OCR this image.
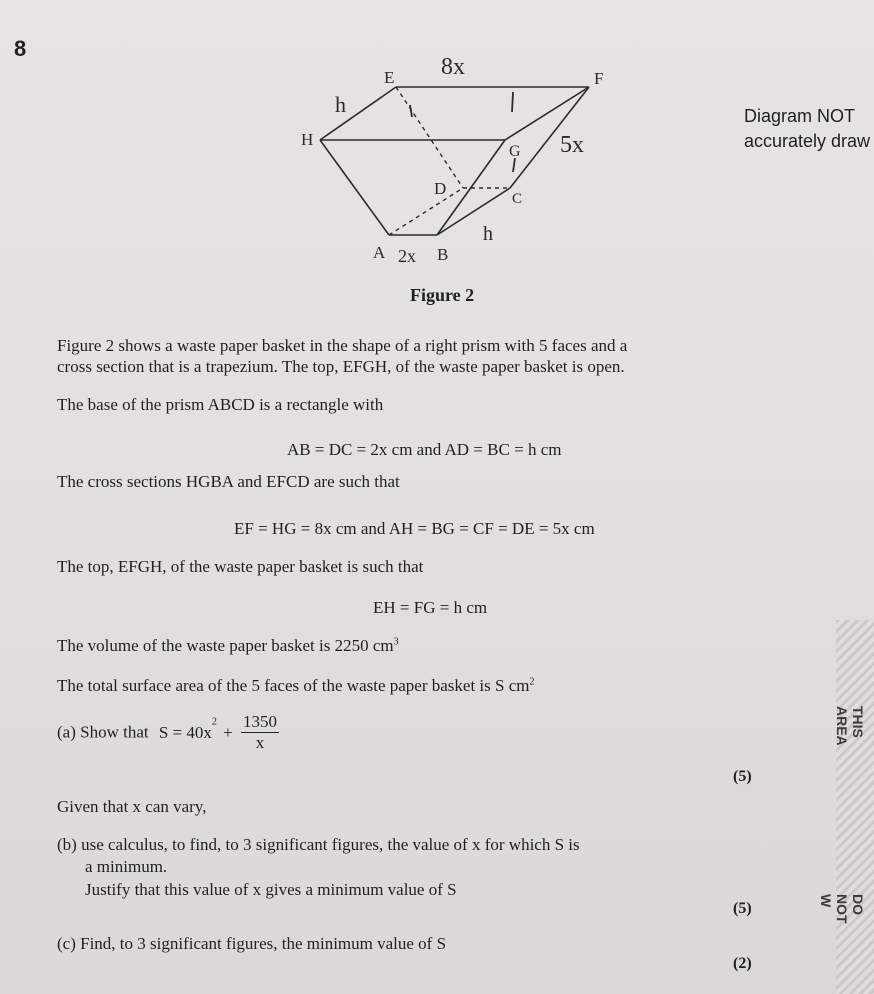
THIS AREA
DO NOT W
8
E	F
H
G
D
C
A	B
8x
h
5x
h
2x
Diagram NOT
accurately draw
Figure 2
Figure 2 shows a waste paper basket in the shape of a right prism with 5 faces and a
cross section that is a trapezium. The top, EFGH, of the waste paper basket is open.
The base of the prism ABCD is a rectangle with
AB = DC = 2x cm and AD = BC = h cm
The cross sections HGBA and EFCD are such that
EF = HG = 8x cm and AH = BG = CF = DE = 5x cm
The top, EFGH, of the waste paper basket is such that
EH = FG = h cm
The volume of the waste paper basket is 2250 $cm^3$
The total surface area of the 5 faces of the waste paper basket is S $cm^2$
(a) Show that $S = 40x^2 + \frac{1350}{x}$
(5)
Given that x can vary,
(b) use calculus, to find, to 3 significant figures, the value of x for which S is
a minimum.
Justify that this value of x gives a minimum value of S
(5)
(c) Find, to 3 significant figures, the minimum value of S
(2)
